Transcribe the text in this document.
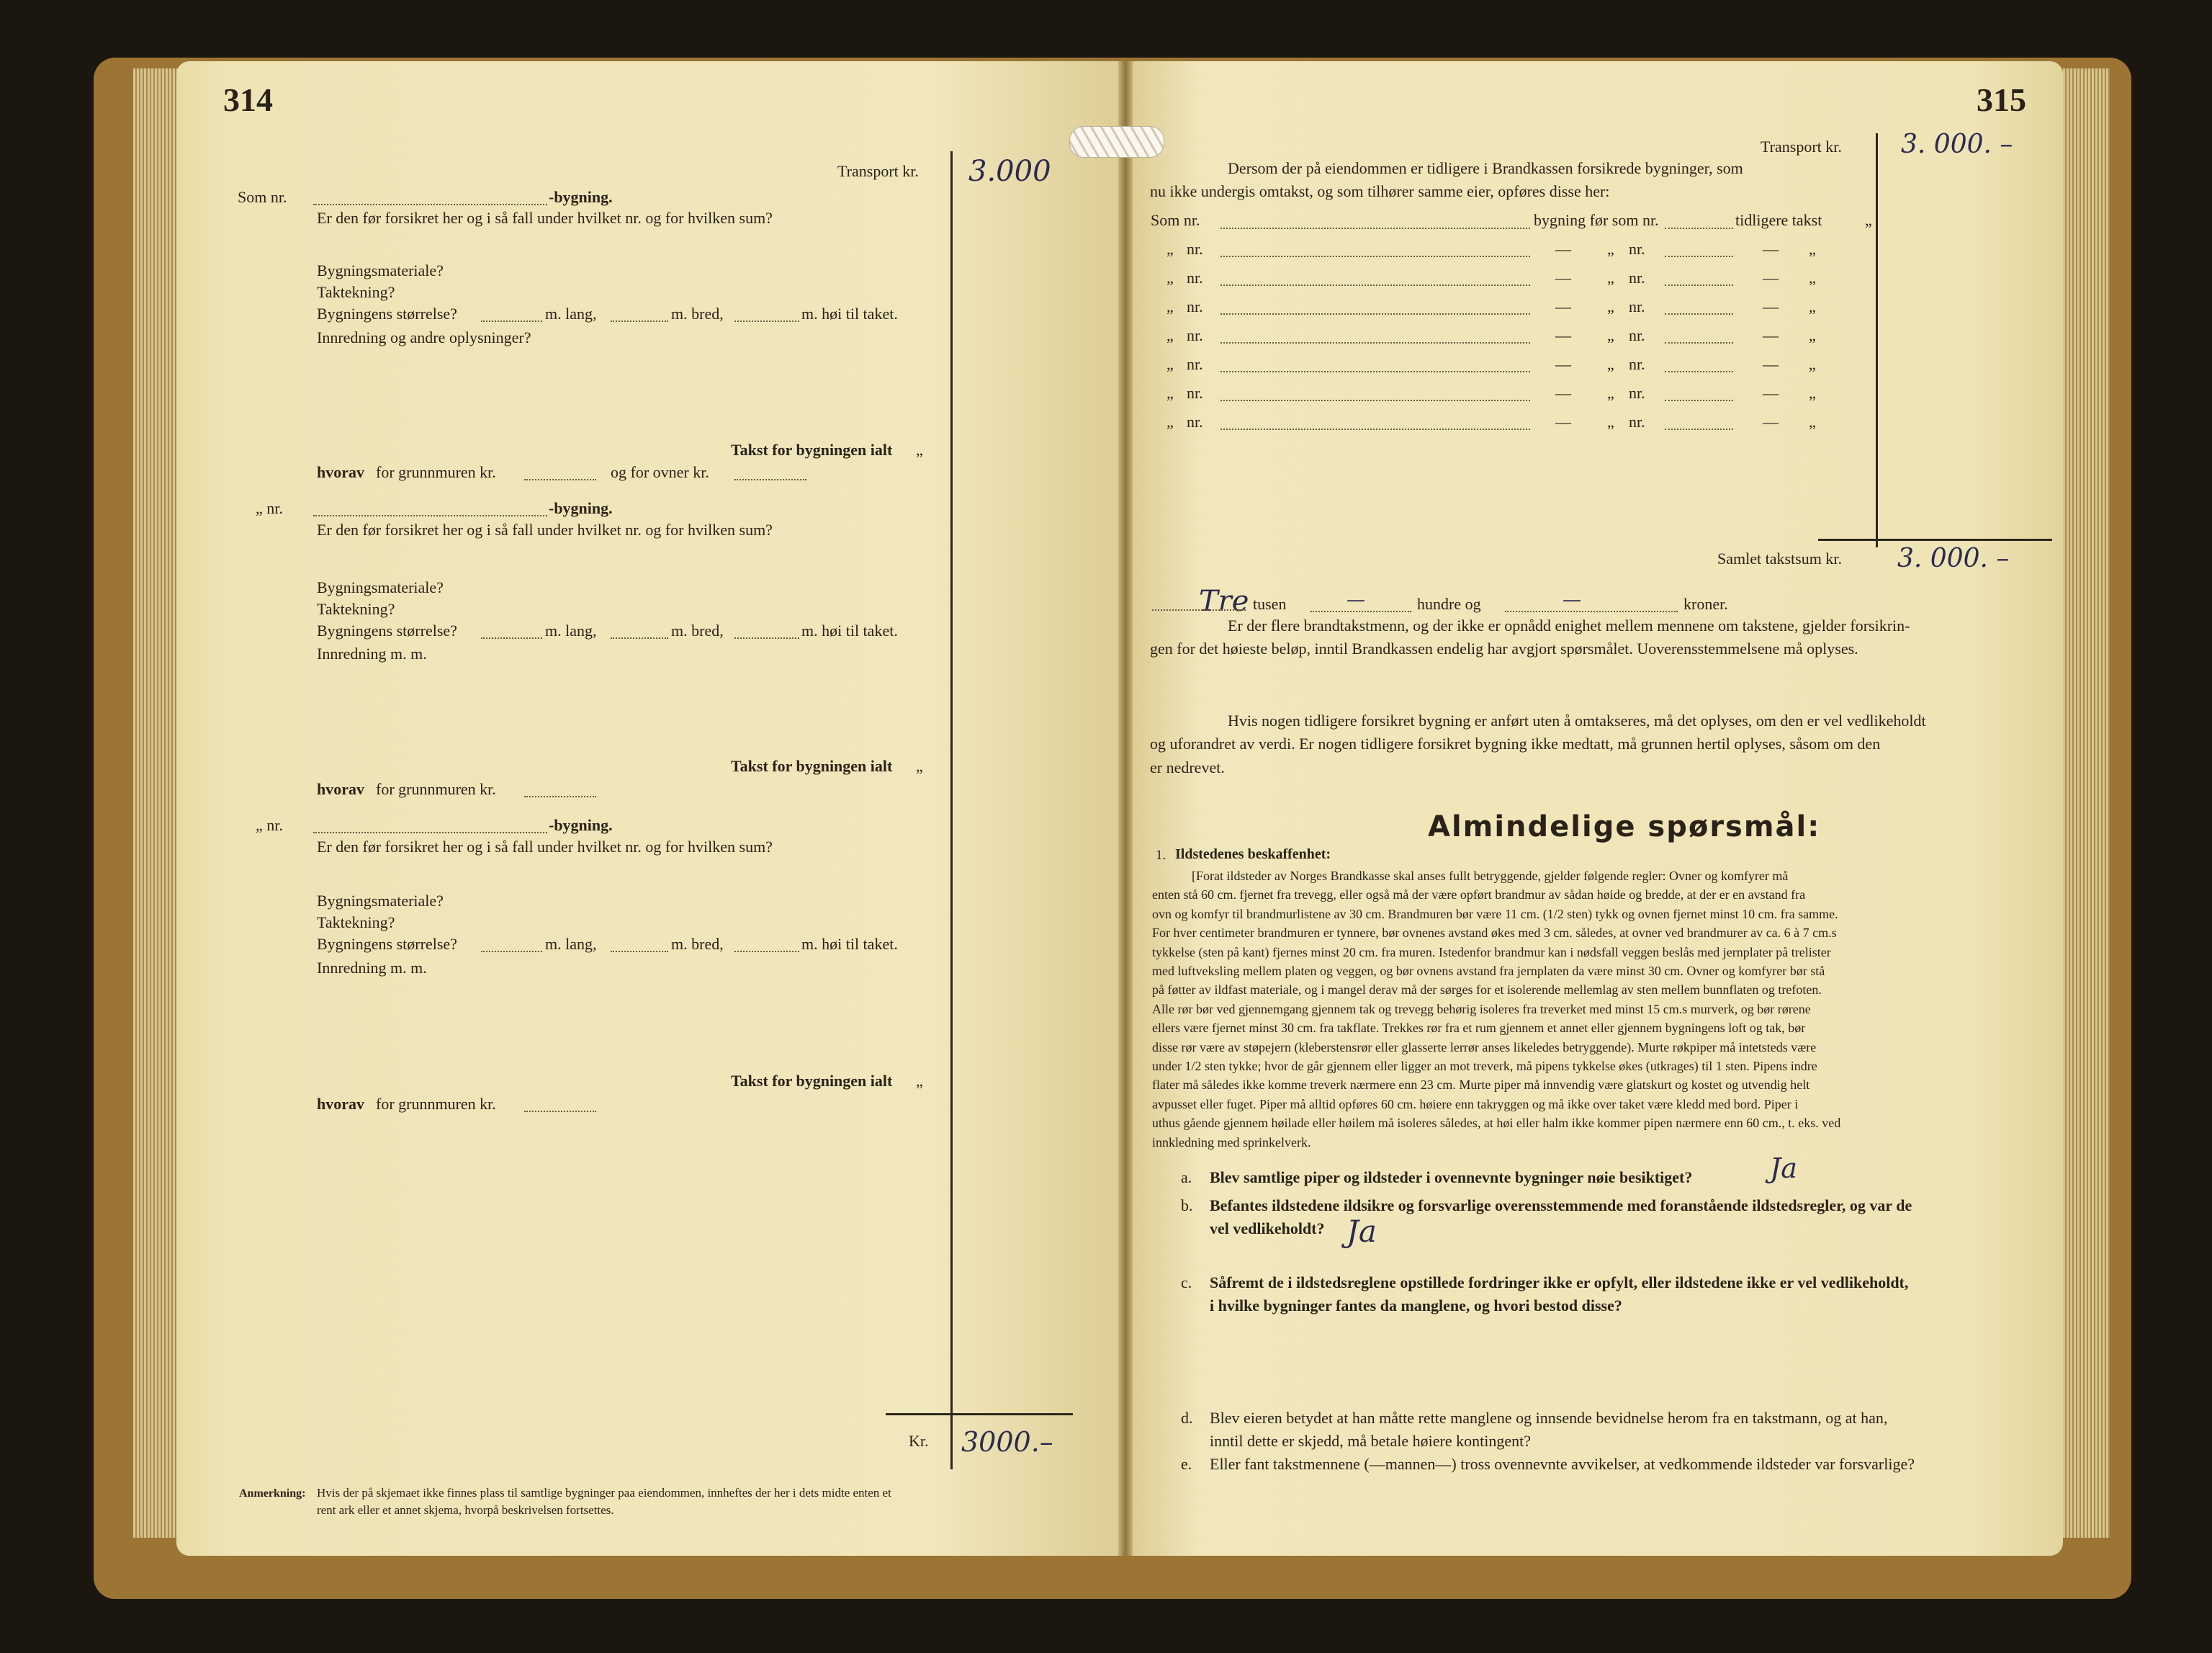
314
Transport kr. 3.000
Som nr.	-bygning.
Er den før forsikret her og i så fall under hvilket nr. og for hvilken sum?
Bygningsmateriale?
Taktekning?
Bygningens størrelse?	m. lang,	m. bred,	m. høi til taket.
Innredning og andre oplysninger?
Takst for bygningen ialt „
hvorav for grunnmuren kr.	og for ovner kr.
„ nr.	-bygning.
Er den før forsikret her og i så fall under hvilket nr. og for hvilken sum?
Bygningsmateriale?
Taktekning?
Bygningens størrelse?	m. lang,	m. bred,	m. høi til taket.
Innredning m. m.
Takst for bygningen ialt „
hvorav for grunnmuren kr.
„ nr.	-bygning.
Er den før forsikret her og i så fall under hvilket nr. og for hvilken sum?
Bygningsmateriale?
Taktekning?
Bygningens størrelse?	m. lang,	m. bred,	m. høi til taket.
Innredning m. m.
Takst for bygningen ialt „
hvorav for grunnmuren kr.
Kr. 3000.–
Anmerkning: Hvis der på skjemaet ikke finnes plass til samtlige bygninger paa eiendommen, innheftes der her i dets midte enten et
rent ark eller et annet skjema, hvorpå beskrivelsen fortsettes.
315
Transport kr. 3. 000. –
Dersom der på eiendommen er tidligere i Brandkassen forsikrede bygninger, som
nu ikke undergis omtakst, og som tilhører samme eier, opføres disse her:
Som nr.	bygning før som nr.	tidligere takst	„
„ nr.	— „ nr.	— „
„ nr.	— „ nr.	— „
„ nr.	— „ nr.	— „
„ nr.	— „ nr.	— „
„ nr.	— „ nr.	— „
„ nr.	— „ nr.	— „
„ nr.	— „ nr.	— „
Samlet takstsum kr. 3. 000. –
Tre tusen	—	hundre og	—	kroner.
Er der flere brandtakstmenn, og der ikke er opnådd enighet mellem mennene om takstene, gjelder forsikrin-
gen for det høieste beløp, inntil Brandkassen endelig har avgjort spørsmålet. Uoverensstemmelsene må oplyses.
Hvis nogen tidligere forsikret bygning er anført uten å omtakseres, må det oplyses, om den er vel vedlikeholdt
og uforandret av verdi. Er nogen tidligere forsikret bygning ikke medtatt, må grunnen hertil oplyses, såsom om den
er nedrevet.
Almindelige spørsmål:
1. Ildstedenes beskaffenhet:
[Forat ildsteder av Norges Brandkasse skal anses fullt betryggende, gjelder følgende regler: Ovner og komfyrer må
enten stå 60 cm. fjernet fra trevegg, eller også må der være opført brandmur av sådan høide og bredde, at der er en avstand fra
ovn og komfyr til brandmurlistene av 30 cm. Brandmuren bør være 11 cm. (1/2 sten) tykk og ovnen fjernet minst 10 cm. fra samme.
For hver centimeter brandmuren er tynnere, bør ovnenes avstand økes med 3 cm. således, at ovner ved brandmurer av ca. 6 à 7 cm.s
tykkelse (sten på kant) fjernes minst 20 cm. fra muren. Istedenfor brandmur kan i nødsfall veggen beslås med jernplater på trelister
med luftveksling mellem platen og veggen, og bør ovnens avstand fra jernplaten da være minst 30 cm. Ovner og komfyrer bør stå
på føtter av ildfast materiale, og i mangel derav må der sørges for et isolerende mellemlag av sten mellem bunnflaten og trefoten.
Alle rør bør ved gjennemgang gjennem tak og trevegg behørig isoleres fra treverket med minst 15 cm.s murverk, og bør rørene
ellers være fjernet minst 30 cm. fra takflate. Trekkes rør fra et rum gjennem et annet eller gjennem bygningens loft og tak, bør
disse rør være av støpejern (kleberstensrør eller glasserte lerrør anses likeledes betryggende). Murte røkpiper må intetsteds være
under 1/2 sten tykke; hvor de går gjennem eller ligger an mot treverk, må pipens tykkelse økes (utkrages) til 1 sten. Pipens indre
flater må således ikke komme treverk nærmere enn 23 cm. Murte piper må innvendig være glatskurt og kostet og utvendig helt
avpusset eller fuget. Piper må alltid opføres 60 cm. høiere enn takryggen og må ikke over taket være kledd med bord. Piper i
uthus gående gjennem høilade eller høilem må isoleres således, at høi eller halm ikke kommer pipen nærmere enn 60 cm., t. eks. ved
innkledning med sprinkelverk.
a. Blev samtlige piper og ildsteder i ovennevnte bygninger nøie besiktiget?	Ja
b. Befantes ildstedene ildsikre og forsvarlige overensstemmende med foranstående ildstedsregler, og var de
vel vedlikeholdt? Ja
c. Såfremt de i ildstedsreglene opstillede fordringer ikke er opfylt, eller ildstedene ikke er vel vedlikeholdt,
i hvilke bygninger fantes da manglene, og hvori bestod disse?
d. Blev eieren betydet at han måtte rette manglene og innsende bevidnelse herom fra en takstmann, og at han,
inntil dette er skjedd, må betale høiere kontingent?
e. Eller fant takstmennene (—mannen—) tross ovennevnte avvikelser, at vedkommende ildsteder var forsvarlige?
